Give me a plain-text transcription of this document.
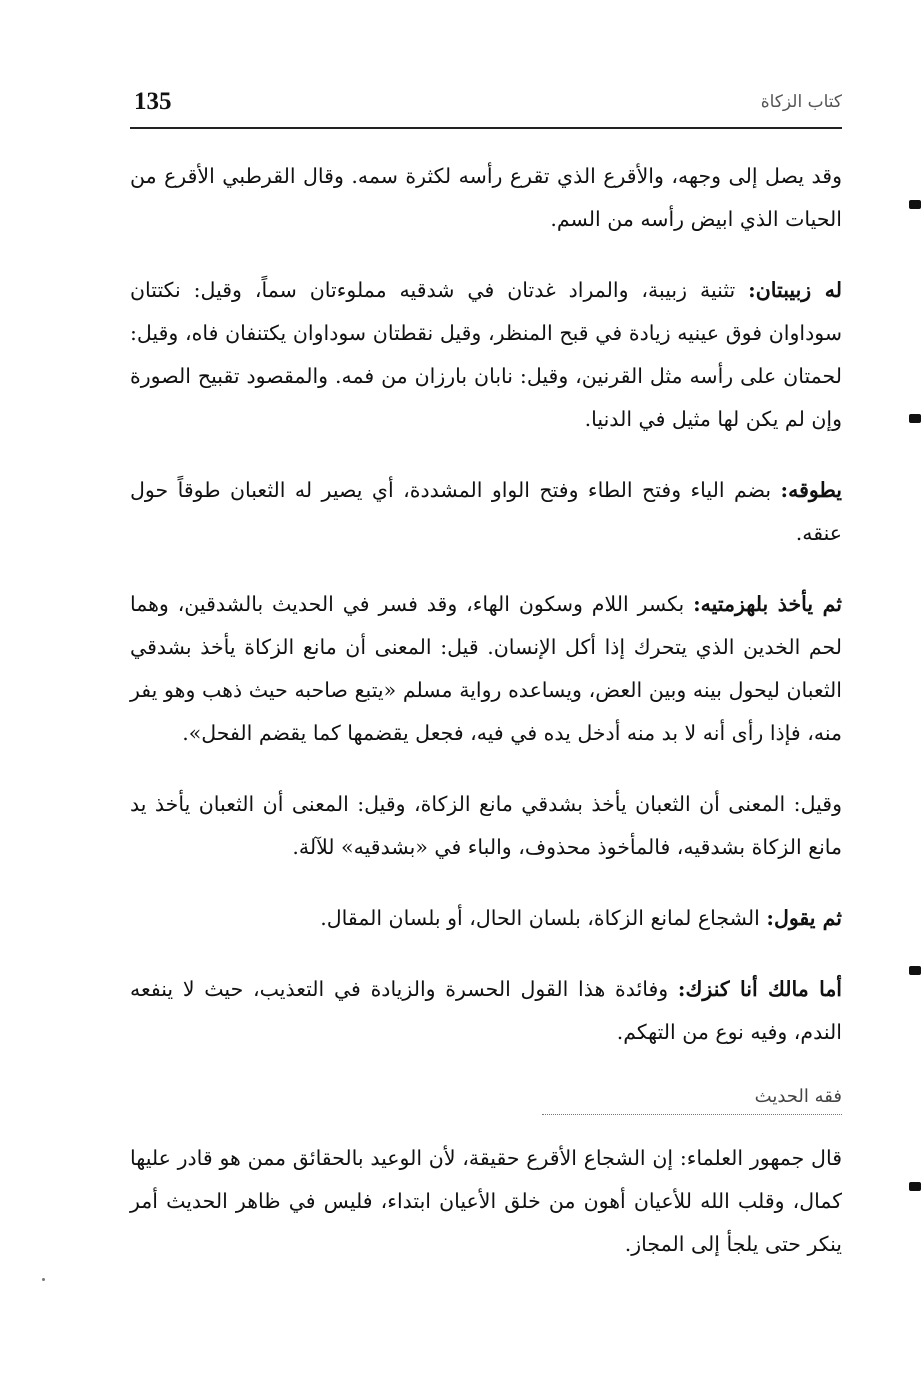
135	كتاب الزكاة

وقد يصل إلى وجهه، والأقرع الذي تقرع رأسه لكثرة سمه. وقال القرطبي الأقرع من الحيات الذي ابيض رأسه من السم.

له زبيبتان: تثنية زبيبة، والمراد غدتان في شدقيه مملوءتان سماً، وقيل: نكتتان سوداوان فوق عينيه زيادة في قبح المنظر، وقيل نقطتان سوداوان يكتنفان فاه، وقيل: لحمتان على رأسه مثل القرنين، وقيل: نابان بارزان من فمه. والمقصود تقبيح الصورة وإن لم يكن لها مثيل في الدنيا.

يطوقه: بضم الياء وفتح الطاء وفتح الواو المشددة، أي يصير له الثعبان طوقاً حول عنقه.

ثم يأخذ بلهزمتيه: بكسر اللام وسكون الهاء، وقد فسر في الحديث بالشدقين، وهما لحم الخدين الذي يتحرك إذا أكل الإنسان. قيل: المعنى أن مانع الزكاة يأخذ بشدقي الثعبان ليحول بينه وبين العض، ويساعده رواية مسلم «يتبع صاحبه حيث ذهب وهو يفر منه، فإذا رأى أنه لا بد منه أدخل يده في فيه، فجعل يقضمها كما يقضم الفحل».

وقيل: المعنى أن الثعبان يأخذ بشدقي مانع الزكاة، وقيل: المعنى أن الثعبان يأخذ يد مانع الزكاة بشدقيه، فالمأخوذ محذوف، والباء في «بشدقيه» للآلة.

ثم يقول: الشجاع لمانع الزكاة، بلسان الحال، أو بلسان المقال.

أما مالك أنا كنزك: وفائدة هذا القول الحسرة والزيادة في التعذيب، حيث لا ينفعه الندم، وفيه نوع من التهكم.

فقه الحديث

قال جمهور العلماء: إن الشجاع الأقرع حقيقة، لأن الوعيد بالحقائق ممن هو قادر عليها كمال، وقلب الله للأعيان أهون من خلق الأعيان ابتداء، فليس في ظاهر الحديث أمر ينكر حتى يلجأ إلى المجاز.
